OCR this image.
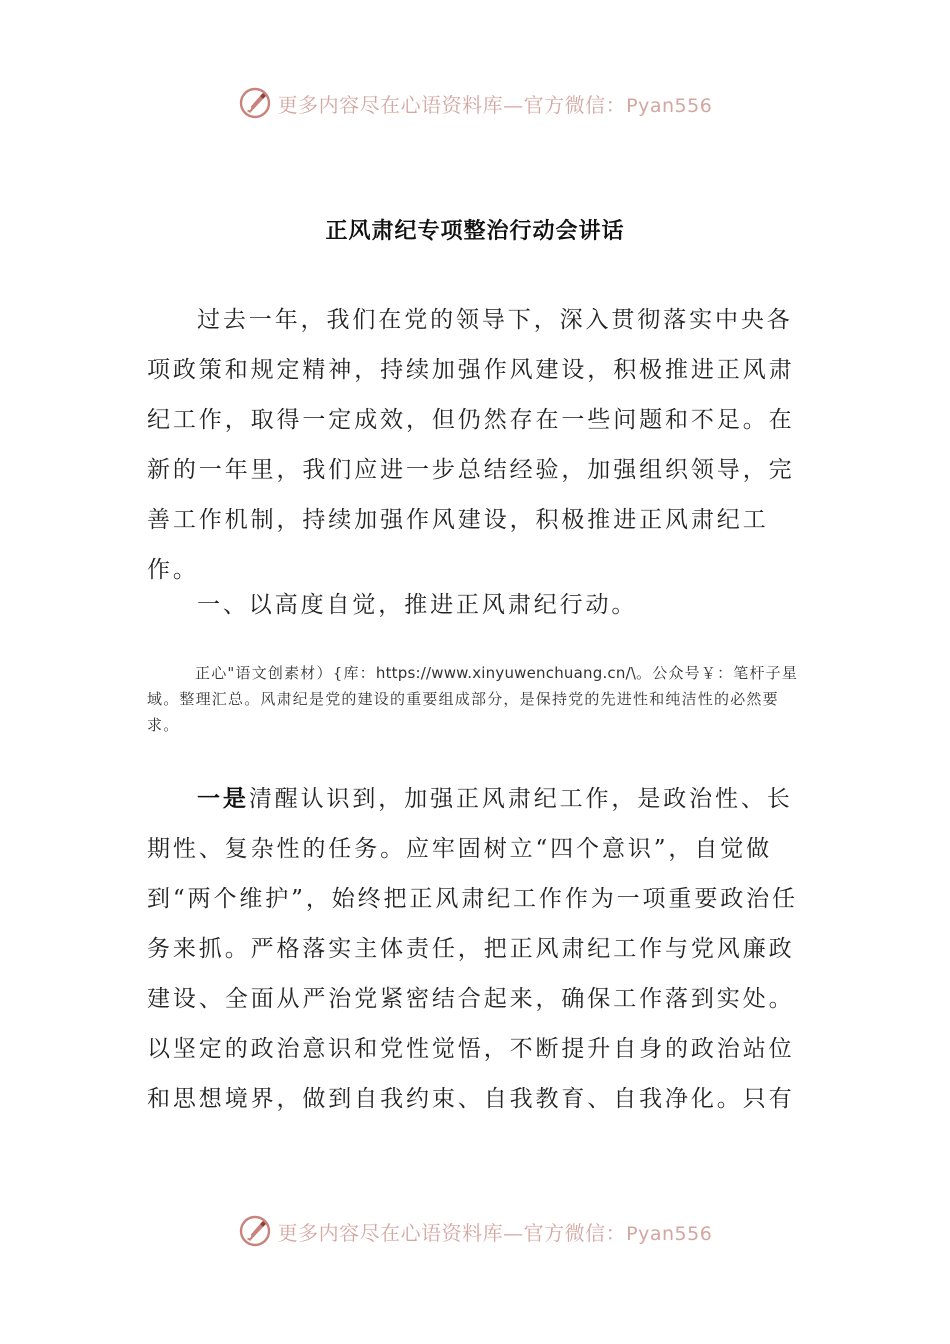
更多内容尽在心语资料库—官方微信：Pyan556
正风肃纪专项整治行动会讲话

过去一年，我们在党的领导下，深入贯彻落实中央各项政策和规定精神，持续加强作风建设，积极推进正风肃纪工作，取得一定成效，但仍然存在一些问题和不足。在新的一年里，我们应进一步总结经验，加强组织领导，完善工作机制，持续加强作风建设，积极推进正风肃纪工作。

一、以高度自觉，推进正风肃纪行动。

正心"语文创素材）{库：https://www.xinyuwenchuang.cn/\。公众号￥：笔杆子星域。整理汇总。风肃纪是党的建设的重要组成部分，是保持党的先进性和纯洁性的必然要求。

一是清醒认识到，加强正风肃纪工作，是政治性、长期性、复杂性的任务。应牢固树立“四个意识”，自觉做到“两个维护”，始终把正风肃纪工作作为一项重要政治任务来抓。严格落实主体责任，把正风肃纪工作与党风廉政建设、全面从严治党紧密结合起来，确保工作落到实处。以坚定的政治意识和党性觉悟，不断提升自身的政治站位和思想境界，做到自我约束、自我教育、自我净化。只有

更多内容尽在心语资料库—官方微信：Pyan556
